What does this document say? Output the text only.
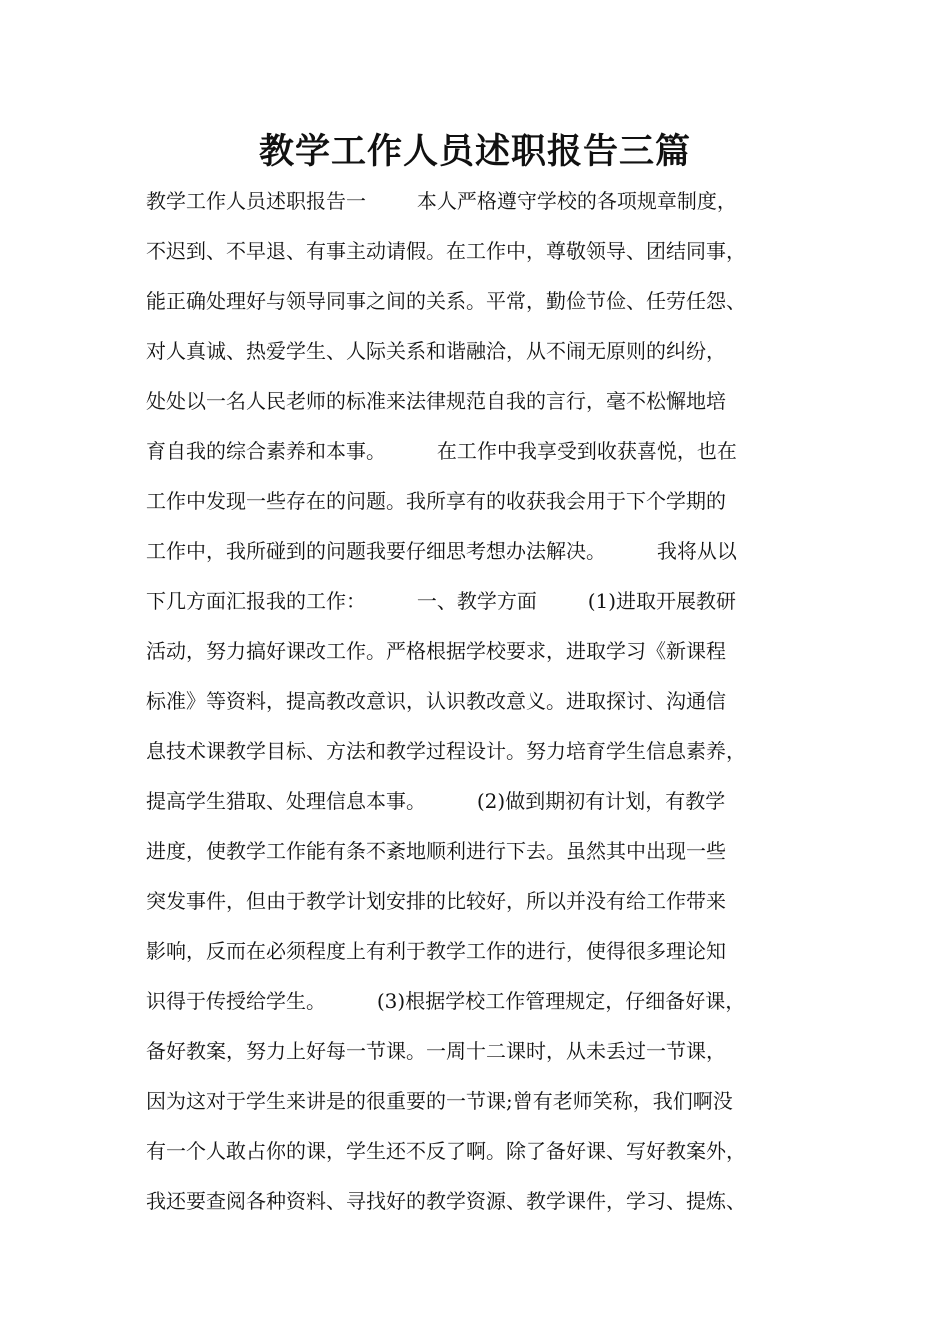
教学工作人员述职报告三篇
教学工作人员述职报告一        本人严格遵守学校的各项规章制度，
不迟到、不早退、有事主动请假。在工作中，尊敬领导、团结同事，
能正确处理好与领导同事之间的关系。平常，勤俭节俭、任劳任怨、
对人真诚、热爱学生、人际关系和谐融洽，从不闹无原则的纠纷，
处处以一名人民老师的标准来法律规范自我的言行，毫不松懈地培
育自我的综合素养和本事。        在工作中我享受到收获喜悦，也在
工作中发现一些存在的问题。我所享有的收获我会用于下个学期的
工作中，我所碰到的问题我要仔细思考想办法解决。        我将从以
下几方面汇报我的工作：        一、教学方面        (1)进取开展教研
活动，努力搞好课改工作。严格根据学校要求，进取学习《新课程
标准》等资料，提高教改意识，认识教改意义。进取探讨、沟通信
息技术课教学目标、方法和教学过程设计。努力培育学生信息素养，
提高学生猎取、处理信息本事。        (2)做到期初有计划，有教学
进度，使教学工作能有条不紊地顺利进行下去。虽然其中出现一些
突发事件，但由于教学计划安排的比较好，所以并没有给工作带来
影响，反而在必须程度上有利于教学工作的进行，使得很多理论知
识得于传授给学生。        (3)根据学校工作管理规定，仔细备好课，
备好教案，努力上好每一节课。一周十二课时，从未丢过一节课，
因为这对于学生来讲是的很重要的一节课;曾有老师笑称，我们啊没
有一个人敢占你的课，学生还不反了啊。除了备好课、写好教案外，
我还要查阅各种资料、寻找好的教学资源、教学课件，学习、提炼、
